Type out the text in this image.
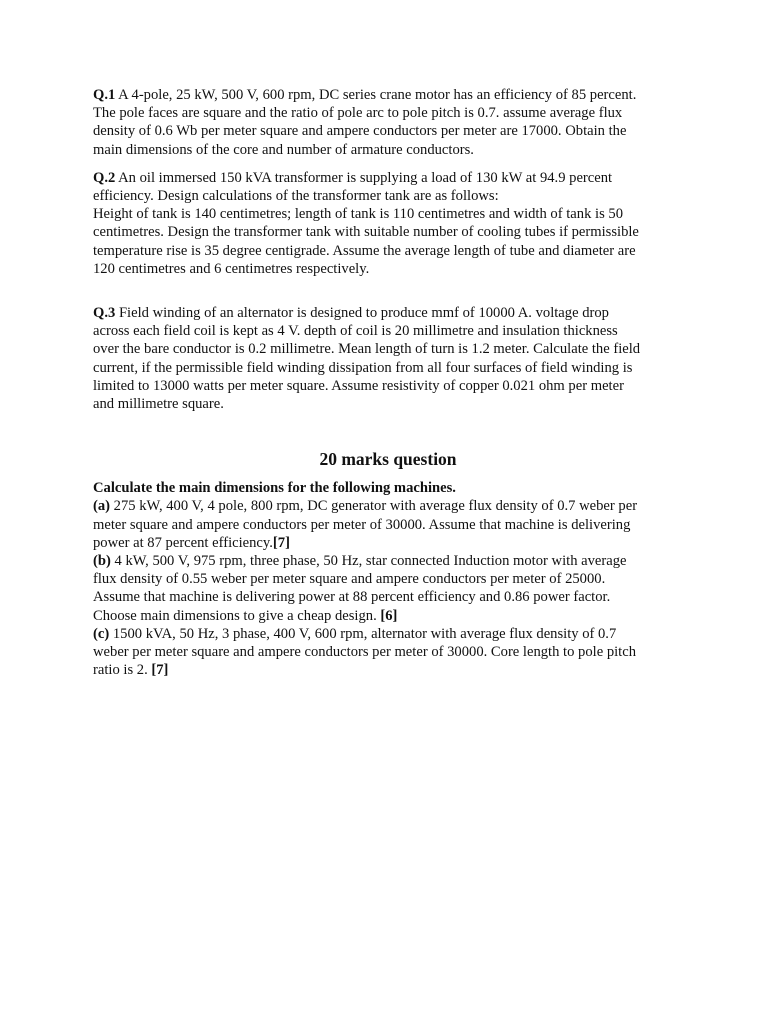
Q.1 A 4-pole, 25 kW, 500 V, 600 rpm, DC series crane motor has an efficiency of 85 percent.
The pole faces are square and the ratio of pole arc to pole pitch is 0.7. assume average flux
density of 0.6 Wb per meter square and ampere conductors per meter are 17000. Obtain the
main dimensions of the core and number of armature conductors.
Q.2 An oil immersed 150 kVA transformer is supplying a load of 130 kW at 94.9 percent
efficiency. Design calculations of the transformer tank are as follows:
Height of tank is 140 centimetres; length of tank is 110 centimetres and width of tank is 50
centimetres. Design the transformer tank with suitable number of cooling tubes if permissible
temperature rise is 35 degree centigrade. Assume the average length of tube and diameter are
120 centimetres and 6 centimetres respectively.
Q.3 Field winding of an alternator is designed to produce mmf of 10000 A. voltage drop
across each field coil is kept as 4 V. depth of coil is 20 millimetre and insulation thickness
over the bare conductor is 0.2 millimetre. Mean length of turn is 1.2 meter. Calculate the field
current, if the permissible field winding dissipation from all four surfaces of field winding is
limited to 13000 watts per meter square. Assume resistivity of copper 0.021 ohm per meter
and millimetre square.
20 marks question
Calculate the main dimensions for the following machines.
(a) 275 kW, 400 V, 4 pole, 800 rpm, DC generator with average flux density of 0.7 weber per
meter square and ampere conductors per meter of 30000. Assume that machine is delivering
power at 87 percent efficiency.[7]
(b) 4 kW, 500 V, 975 rpm, three phase, 50 Hz, star connected Induction motor with average
flux density of 0.55 weber per meter square and ampere conductors per meter of 25000.
Assume that machine is delivering power at 88 percent efficiency and 0.86 power factor.
Choose main dimensions to give a cheap design. [6]
(c) 1500 kVA, 50 Hz, 3 phase, 400 V, 600 rpm, alternator with average flux density of 0.7
weber per meter square and ampere conductors per meter of 30000. Core length to pole pitch
ratio is 2. [7]
